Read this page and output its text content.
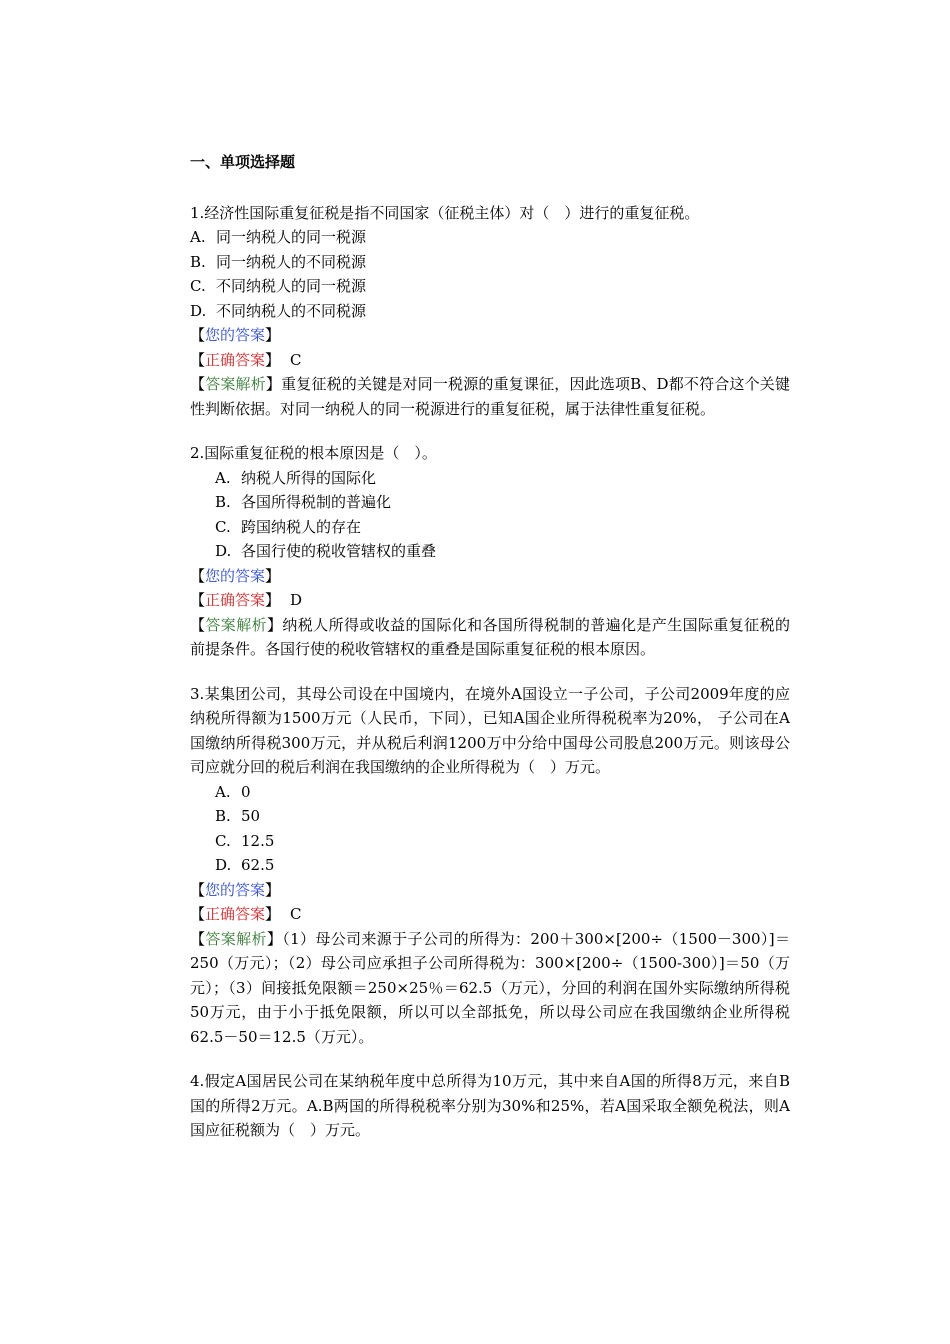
一、单项选择题

1.经济性国际重复征税是指不同国家（征税主体）对（　）进行的重复征税。

A. 同一纳税人的同一税源
B. 同一纳税人的不同税源
C. 不同纳税人的同一税源
D. 不同纳税人的不同税源

【您的答案】

【正确答案】 C

【答案解析】重复征税的关键是对同一税源的重复课征，因此选项B、D都不符合这个关键性判断依据。对同一纳税人的同一税源进行的重复征税，属于法律性重复征税。

2.国际重复征税的根本原因是（　）。

A. 纳税人所得的国际化
B. 各国所得税制的普遍化
C. 跨国纳税人的存在
D. 各国行使的税收管辖权的重叠

【您的答案】

【正确答案】 D

【答案解析】纳税人所得或收益的国际化和各国所得税制的普遍化是产生国际重复征税的前提条件。各国行使的税收管辖权的重叠是国际重复征税的根本原因。

3.某集团公司，其母公司设在中国境内，在境外A国设立一子公司，子公司2009年度的应纳税所得额为1500万元（人民币，下同），已知A国企业所得税税率为20%， 子公司在A国缴纳所得税300万元，并从税后利润1200万中分给中国母公司股息200万元。则该母公司应就分回的税后利润在我国缴纳的企业所得税为（　）万元。

A. 0
B. 50
C. 12.5
D. 62.5

【您的答案】

【正确答案】 C

【答案解析】（1）母公司来源于子公司的所得为：200＋300×[200÷（1500－300）]＝250（万元）；（2）母公司应承担子公司所得税为：300×[200÷（1500-300）]＝50（万元）；（3）间接抵免限额＝250×25％＝62.5（万元），分回的利润在国外实际缴纳所得税50万元，由于小于抵免限额，所以可以全部抵免，所以母公司应在我国缴纳企业所得税62.5－50＝12.5（万元）。

4.假定A国居民公司在某纳税年度中总所得为10万元，其中来自A国的所得8万元，来自B国的所得2万元。A.B两国的所得税税率分别为30%和25%，若A国采取全额免税法，则A国应征税额为（　）万元。
